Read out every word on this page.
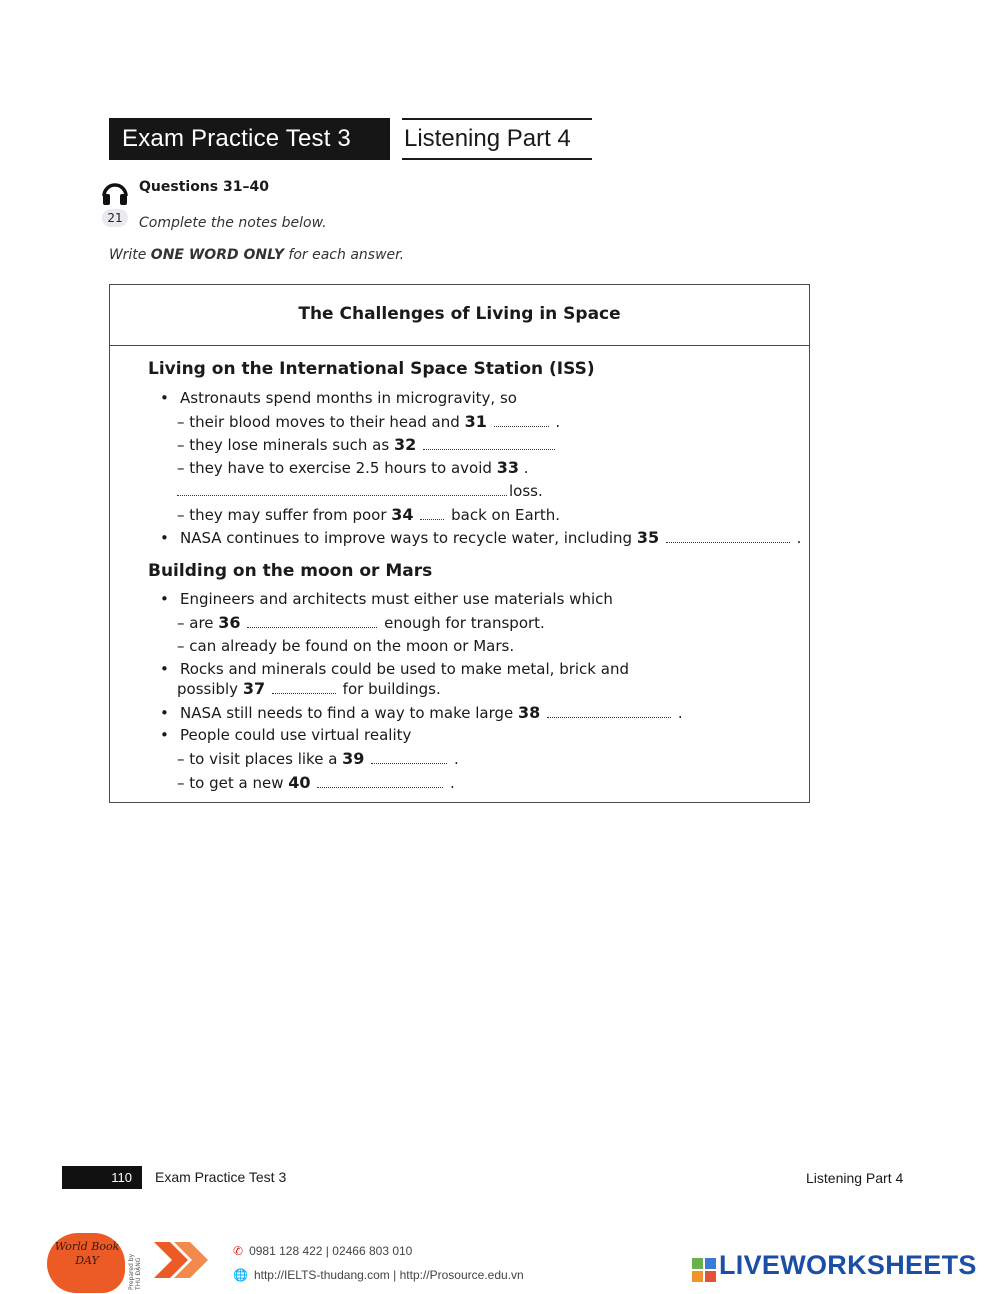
Exam Practice Test 3	Listening Part 4
21
Questions 31–40
Complete the notes below.
Write ONE WORD ONLY for each answer.
The Challenges of Living in Space
Living on the International Space Station (ISS)
• Astronauts spend months in microgravity, so
– their blood moves to their head and 31	.
– they lose minerals such as 32
– they have to exercise 2.5 hours to avoid 33 .
loss.
– they may suffer from poor 34	back on Earth.
• NASA continues to improve ways to recycle water, including 35	.
Building on the moon or Mars
• Engineers and architects must either use materials which
– are 36	enough for transport.
– can already be found on the moon or Mars.
• Rocks and minerals could be used to make metal, brick and
possibly 37	for buildings.
• NASA still needs to find a way to make large 38	.
• People could use virtual reality
– to visit places like a 39	.
– to get a new 40	.
110	Exam Practice Test 3	Listening Part 4
World Book DAY	Prepared by THU ĐẶNG
✆ 0981 128 422 | 02466 803 010
🌐 http://IELTS-thudang.com | http://Prosource.edu.vn	LIVEWORKSHEETS
